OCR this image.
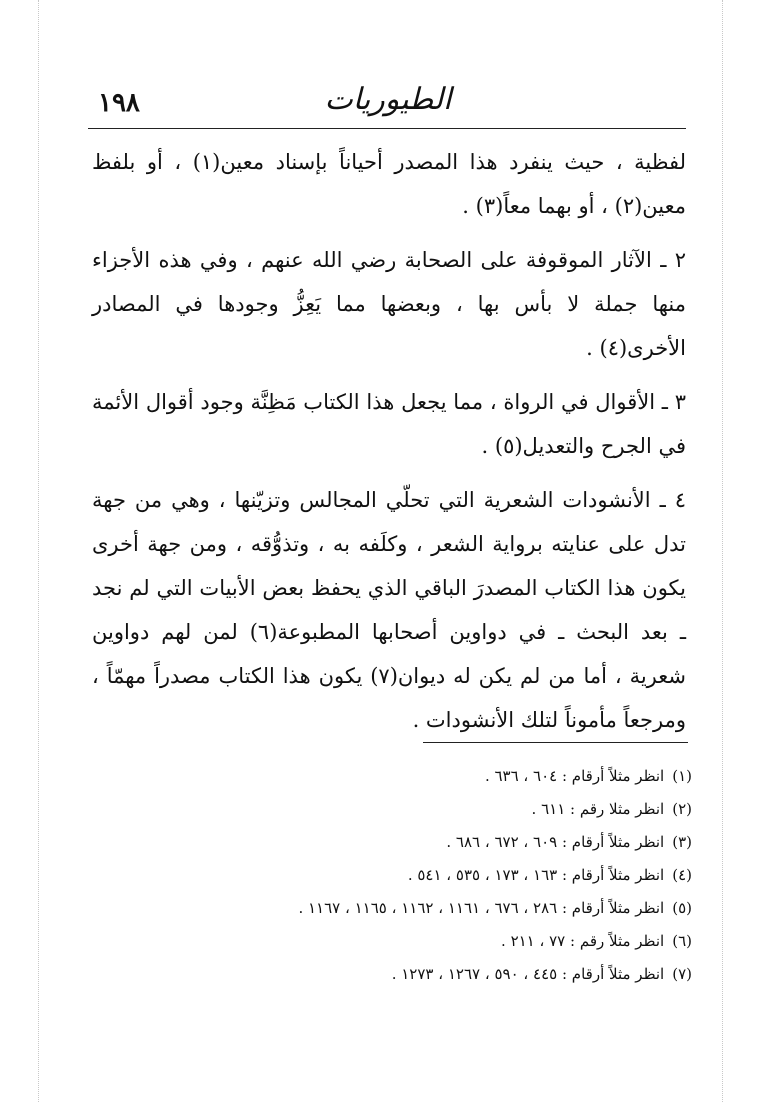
١٩٨	الطيوريات

لفظية ، حيث ينفرد هذا المصدر أحياناً بإسناد معين(١) ، أو بلفظ معين(٢) ، أو بهما معاً(٣) .

٢ ـ الآثار الموقوفة على الصحابة رضي الله عنهم ، وفي هذه الأجزاء منها جملة لا بأس بها ، وبعضها مما يَعِزُّ وجودها في المصادر الأخرى(٤) .

٣ ـ الأقوال في الرواة ، مما يجعل هذا الكتاب مَظِنَّة وجود أقوال الأئمة في الجرح والتعديل(٥) .

٤ ـ الأنشودات الشعرية التي تحلّي المجالس وتزيّنها ، وهي من جهة تدل على عنايته برواية الشعر ، وكلَفه به ، وتذوُّقه ، ومن جهة أخرى يكون هذا الكتاب المصدرَ الباقي الذي يحفظ بعض الأبيات التي لم نجد ـ بعد البحث ـ في دواوين أصحابها المطبوعة(٦) لمن لهم دواوين شعرية ، أما من لم يكن له ديوان(٧) يكون هذا الكتاب مصدراً مهمّاً ، ومرجعاً مأموناً لتلك الأنشودات .

(١)انظر مثلاً أرقام : ٦٠٤ ، ٦٣٦ .
(٢)انظر مثلا رقم : ٦١١ .
(٣)انظر مثلاً أرقام : ٦٠٩ ، ٦٧٢ ، ٦٨٦ .
(٤)انظر مثلاً أرقام : ١٦٣ ، ١٧٣ ، ٥٣٥ ، ٥٤١ .
(٥)انظر مثلاً أرقام : ٢٨٦ ، ٦٧٦ ، ١١٦١ ، ١١٦٢ ، ١١٦٥ ، ١١٦٧ .
(٦)انظر مثلاً رقم : ٧٧ ، ٢١١ .
(٧)انظر مثلاً أرقام : ٤٤٥ ، ٥٩٠ ، ١٢٦٧ ، ١٢٧٣ .
